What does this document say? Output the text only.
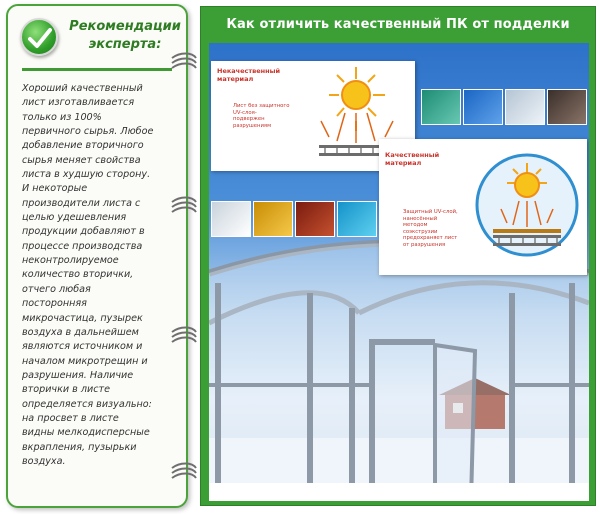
Рекомендации
эксперта:
Хороший качественный
лист изготавливается
только из 100%
первичного сырья. Любое
добавление вторичного
сырья меняет свойства
листа в худшую сторону.
И некоторые
производители листа с
целью удешевления
продукции добавляют в
процессе производства
неконтролируемое
количество вторички,
отчего любая
посторонняя
микрочастица, пузырек
воздуха в дальнейшем
являются источником и
началом микротрещин и
разрушения. Наличие
вторички в листе
определяется визуально:
на просвет в листе
видны мелкодисперсные
вкрапления, пузырьки
воздуха.
Как отличить качественный ПК от подделки
Некачественный
материал
Лист без защитного
UV-слоя-
подвержен
разрушениям
Качественный
материал
Защитный UV-слой,
нанесённый
методом
соэкструзии
предохраняет лист
от разрушения
